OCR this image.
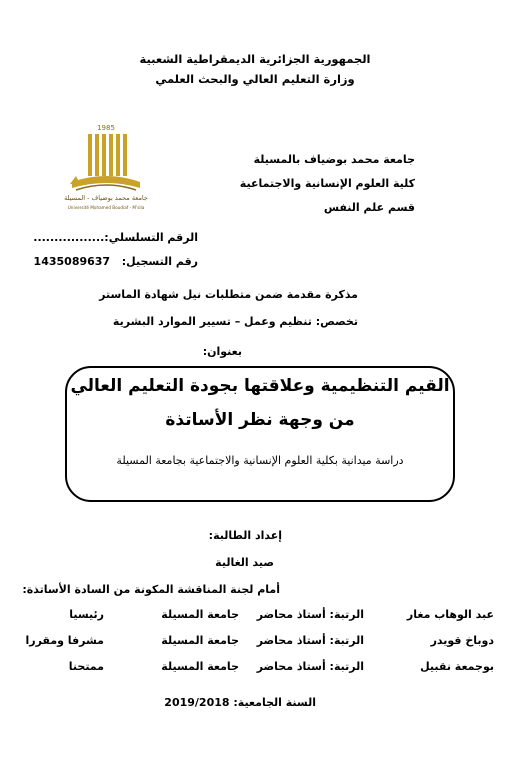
الجمهورية الجزائرية الديمقراطية الشعبية
وزارة التعليم العالي والبحث العلمي
1985
جامعة محمد بوضياف - المسيلة
Université Mohamed Boudiaf - M'sila
جامعة محمد بوضياف بالمسيلة
كلية العلوم الإنسانية والاجتماعية
قسم علم النفس
الرقم التسلسلي:.................
رقم التسجيل:  1435089637
مذكرة مقدمة ضمن متطلبات نيل شهادة الماستر
تخصص: تنظيم وعمل – تسيير الموارد البشرية
بعنوان:
القيم التنظيمية وعلاقتها بجودة التعليم العالي
من وجهة نظر الأساتذة
دراسة ميدانية بكلية العلوم الإنسانية والاجتماعية بجامعة المسيلة
إعداد الطالبة:
صيد الغالية
أمام لجنة المناقشة المكونة من السادة الأساتذة:
عبد الوهاب مغار
الرتبة: أستاذ محاضر
جامعة المسيلة
رئيسيا
دوباخ قويدر
الرتبة: أستاذ محاضر
جامعة المسيلة
مشرفا ومقررا
بوجمعة نقبيل
الرتبة: أستاذ محاضر
جامعة المسيلة
ممتحنا
السنة الجامعية: 2019/2018
